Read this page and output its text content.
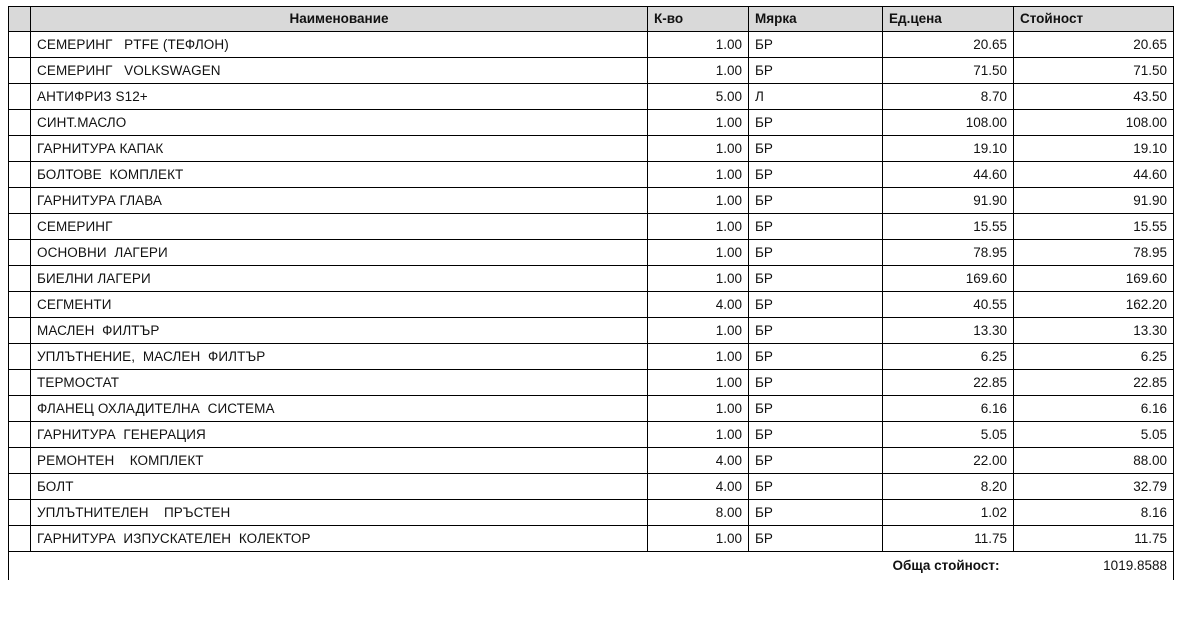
	Наименование	К-во	Мярка	Ед.цена	Стойност
	СЕМЕРИНГ   PTFE (ТЕФЛОН)	1.00	БР	20.65	20.65
	СЕМЕРИНГ   VOLKSWAGEN	1.00	БР	71.50	71.50
	АНТИФРИЗ S12+	5.00	Л	8.70	43.50
	СИНТ.МАСЛО	1.00	БР	108.00	108.00
	ГАРНИТУРА КАПАК	1.00	БР	19.10	19.10
	БОЛТОВЕ  КОМПЛЕКТ	1.00	БР	44.60	44.60
	ГАРНИТУРА ГЛАВА	1.00	БР	91.90	91.90
	СЕМЕРИНГ	1.00	БР	15.55	15.55
	ОСНОВНИ  ЛАГЕРИ	1.00	БР	78.95	78.95
	БИЕЛНИ ЛАГЕРИ	1.00	БР	169.60	169.60
	СЕГМЕНТИ	4.00	БР	40.55	162.20
	МАСЛЕН  ФИЛТЪР	1.00	БР	13.30	13.30
	УПЛЪТНЕНИЕ,  МАСЛЕН  ФИЛТЪР	1.00	БР	6.25	6.25
	ТЕРМОСТАТ	1.00	БР	22.85	22.85
	ФЛАНЕЦ ОХЛАДИТЕЛНА  СИСТЕМА	1.00	БР	6.16	6.16
	ГАРНИТУРА  ГЕНЕРАЦИЯ	1.00	БР	5.05	5.05
	РЕМОНТЕН    КОМПЛЕКТ	4.00	БР	22.00	88.00
	БОЛТ	4.00	БР	8.20	32.79
	УПЛЪТНИТЕЛЕН    ПРЪСТЕН	8.00	БР	1.02	8.16
	ГАРНИТУРА  ИЗПУСКАТЕЛЕН  КОЛЕКТОР	1.00	БР	11.75	11.75
			Обща стойност:		1019.8588
